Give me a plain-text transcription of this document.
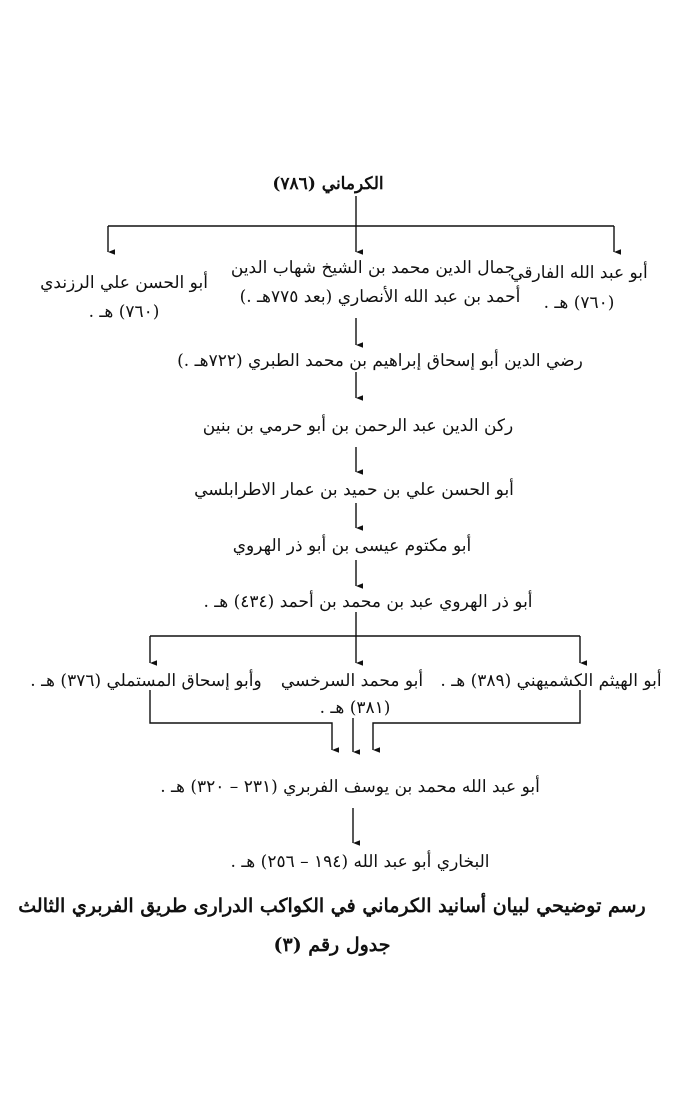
الكرماني (٧٨٦)
أبو الحسن علي الرزندي
(٧٦٠) هـ .
جمال الدين محمد بن الشيخ شهاب الدين
أحمد بن عبد الله الأنصاري (بعد ٧٧٥هـ .)
أبو عبد الله الفارقي
(٧٦٠) هـ .
رضي الدين أبو إسحاق إبراهيم بن محمد الطبري (٧٢٢هـ .)
ركن الدين عبد الرحمن بن أبو حرمي بن بنين
أبو الحسن علي بن حميد بن عمار الاطرابلسي
أبو مكتوم عيسى بن أبو ذر الهروي
أبو ذر الهروي عبد بن محمد بن أحمد (٤٣٤) هـ .
وأبو إسحاق المستملي (٣٧٦) هـ . أبو محمد السرخسي
(٣٨١) هـ .
أبو الهيثم الكشميهني (٣٨٩) هـ .
أبو عبد الله محمد بن يوسف الفربري (٢٣١ – ٣٢٠) هـ .
البخاري أبو عبد الله (١٩٤ – ٢٥٦) هـ .
رسم توضيحي لبيان أسانيد الكرماني في الكواكب الدرارى طريق الفربري الثالث
جدول رقم (٣)
